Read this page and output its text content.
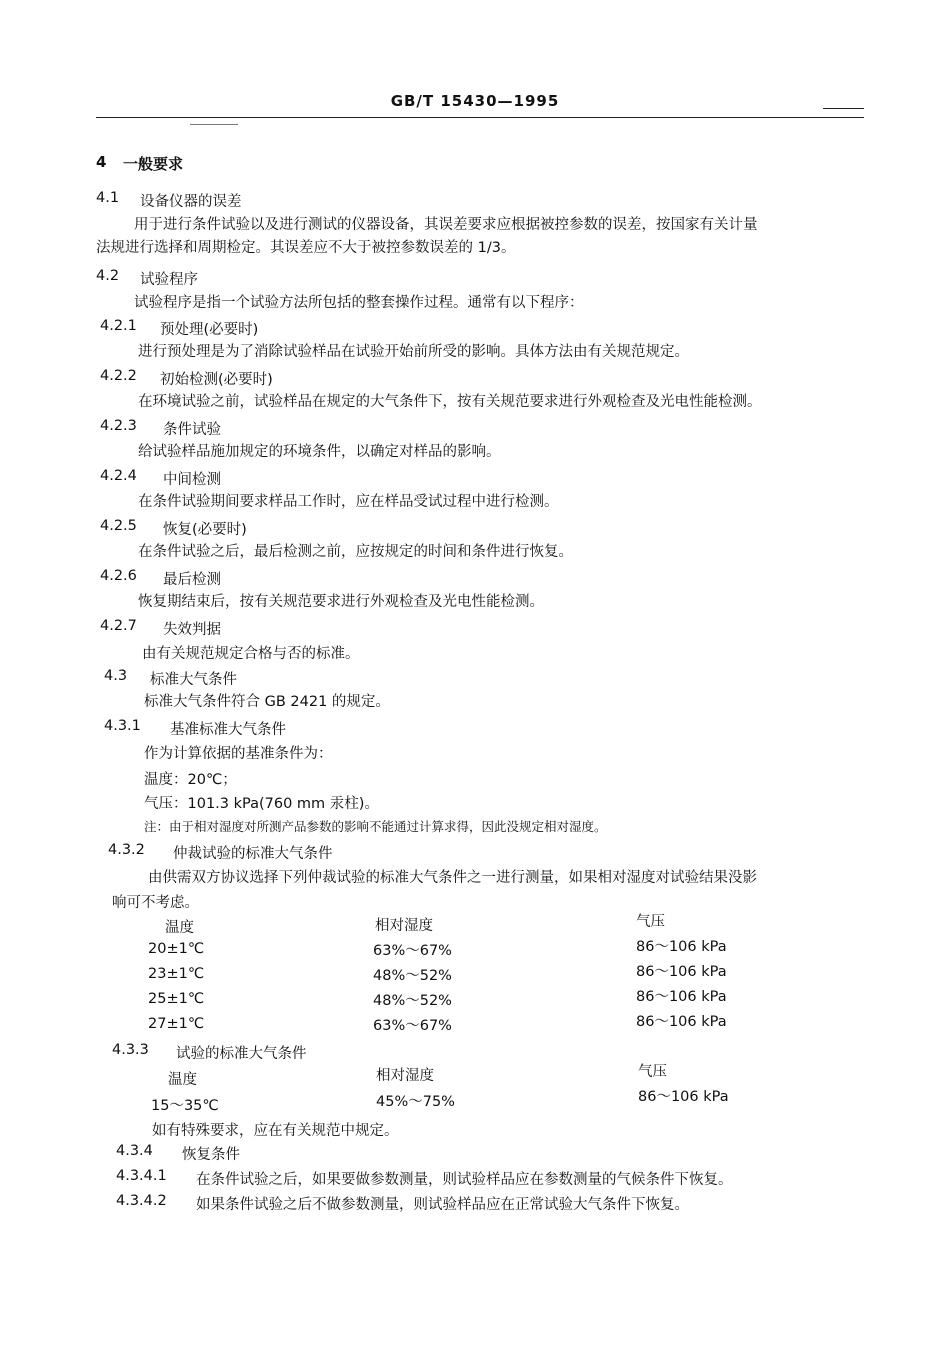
GB/T 15430—1995
4 一般要求
4.1 设备仪器的误差
用于进行条件试验以及进行测试的仪器设备，其误差要求应根据被控参数的误差，按国家有关计量
法规进行选择和周期检定。其误差应不大于被控参数误差的 1/3。
4.2 试验程序
试验程序是指一个试验方法所包括的整套操作过程。通常有以下程序：
4.2.1 预处理(必要时)
进行预处理是为了消除试验样品在试验开始前所受的影响。具体方法由有关规范规定。
4.2.2 初始检测(必要时)
在环境试验之前，试验样品在规定的大气条件下，按有关规范要求进行外观检查及光电性能检测。
4.2.3 条件试验
给试验样品施加规定的环境条件，以确定对样品的影响。
4.2.4 中间检测
在条件试验期间要求样品工作时，应在样品受试过程中进行检测。
4.2.5 恢复(必要时)
在条件试验之后，最后检测之前，应按规定的时间和条件进行恢复。
4.2.6 最后检测
恢复期结束后，按有关规范要求进行外观检查及光电性能检测。
4.2.7 失效判据
由有关规范规定合格与否的标准。
4.3 标准大气条件
标准大气条件符合 GB 2421 的规定。
4.3.1 基准标准大气条件
作为计算依据的基准条件为：
温度：20℃；
气压：101.3 kPa(760 mm 汞柱)。
注：由于相对湿度对所测产品参数的影响不能通过计算求得，因此没规定相对湿度。
4.3.2 仲裁试验的标准大气条件
由供需双方协议选择下列仲裁试验的标准大气条件之一进行测量，如果相对湿度对试验结果没影
响可不考虑。
温度	相对湿度	气压
20±1℃	63%～67%	86～106 kPa
23±1℃	48%～52%	86～106 kPa
25±1℃	48%～52%	86～106 kPa
27±1℃	63%～67%	86～106 kPa
4.3.3 试验的标准大气条件
温度	相对湿度	气压
15～35℃	45%～75%	86～106 kPa
如有特殊要求，应在有关规范中规定。
4.3.4 恢复条件
4.3.4.1 在条件试验之后，如果要做参数测量，则试验样品应在参数测量的气候条件下恢复。
4.3.4.2 如果条件试验之后不做参数测量，则试验样品应在正常试验大气条件下恢复。
